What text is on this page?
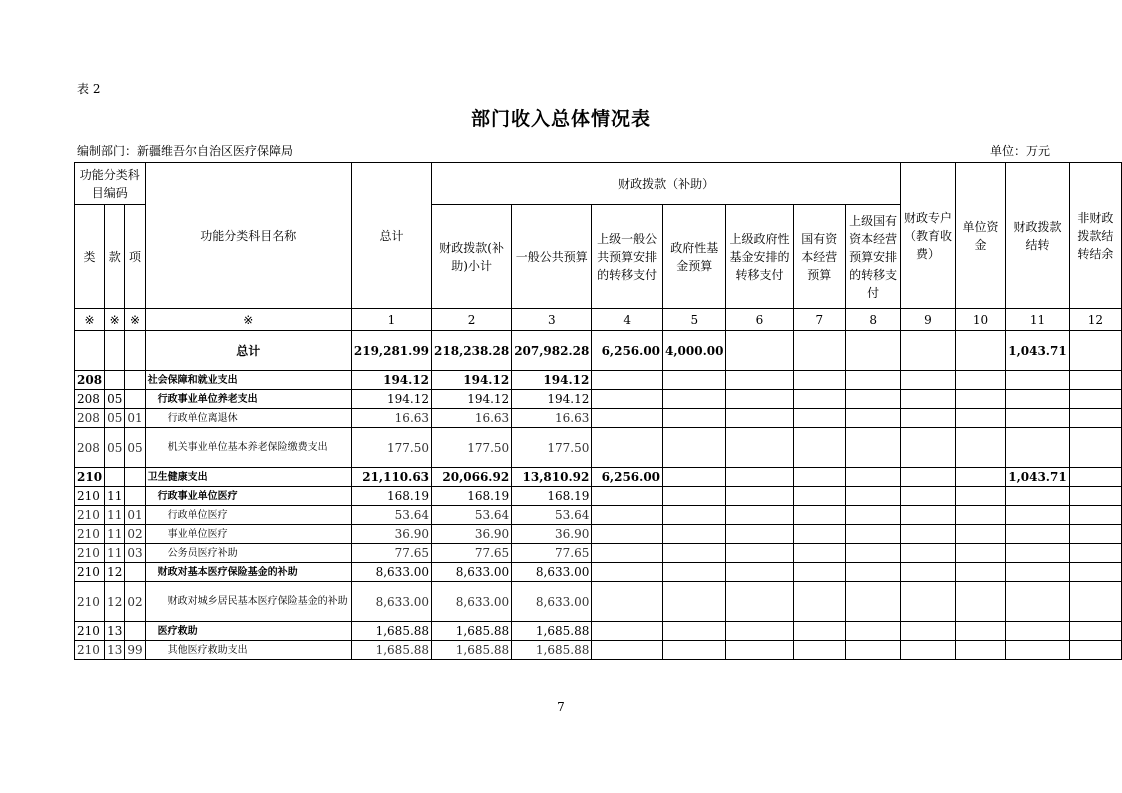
表 2
部门收入总体情况表
编制部门：新疆维吾尔自治区医疗保障局	单位：万元
功能分类科目编码			功能分类科目名称	总计	财政拨款（补助）							财政专户（教育收费）	单位资金	财政拨款结转	非财政拨款结转结余
类	款	项			财政拨款(补助)小计	一般公共预算	上级一般公共预算安排的转移支付	政府性基金预算	上级政府性基金安排的转移支付	国有资本经营预算	上级国有资本经营预算安排的转移支付				

※	※	※	※	1	2	3	4	5	6	7	8	9	10	11	12
			总计	219,281.99	218,238.28	207,982.28	6,256.00	4,000.00						1,043.71	
208			社会保障和就业支出	194.12	194.12	194.12									
208	05		行政事业单位养老支出	194.12	194.12	194.12									
208	05	01	行政单位离退休	16.63	16.63	16.63									
208	05	05	机关事业单位基本养老保险缴费支出	177.50	177.50	177.50									
210			卫生健康支出	21,110.63	20,066.92	13,810.92	6,256.00							1,043.71	
210	11		行政事业单位医疗	168.19	168.19	168.19									
210	11	01	行政单位医疗	53.64	53.64	53.64									
210	11	02	事业单位医疗	36.90	36.90	36.90									
210	11	03	公务员医疗补助	77.65	77.65	77.65									
210	12		财政对基本医疗保险基金的补助	8,633.00	8,633.00	8,633.00									
210	12	02	财政对城乡居民基本医疗保险基金的补助	8,633.00	8,633.00	8,633.00									
210	13		医疗救助	1,685.88	1,685.88	1,685.88									
210	13	99	其他医疗救助支出	1,685.88	1,685.88	1,685.88									
7
